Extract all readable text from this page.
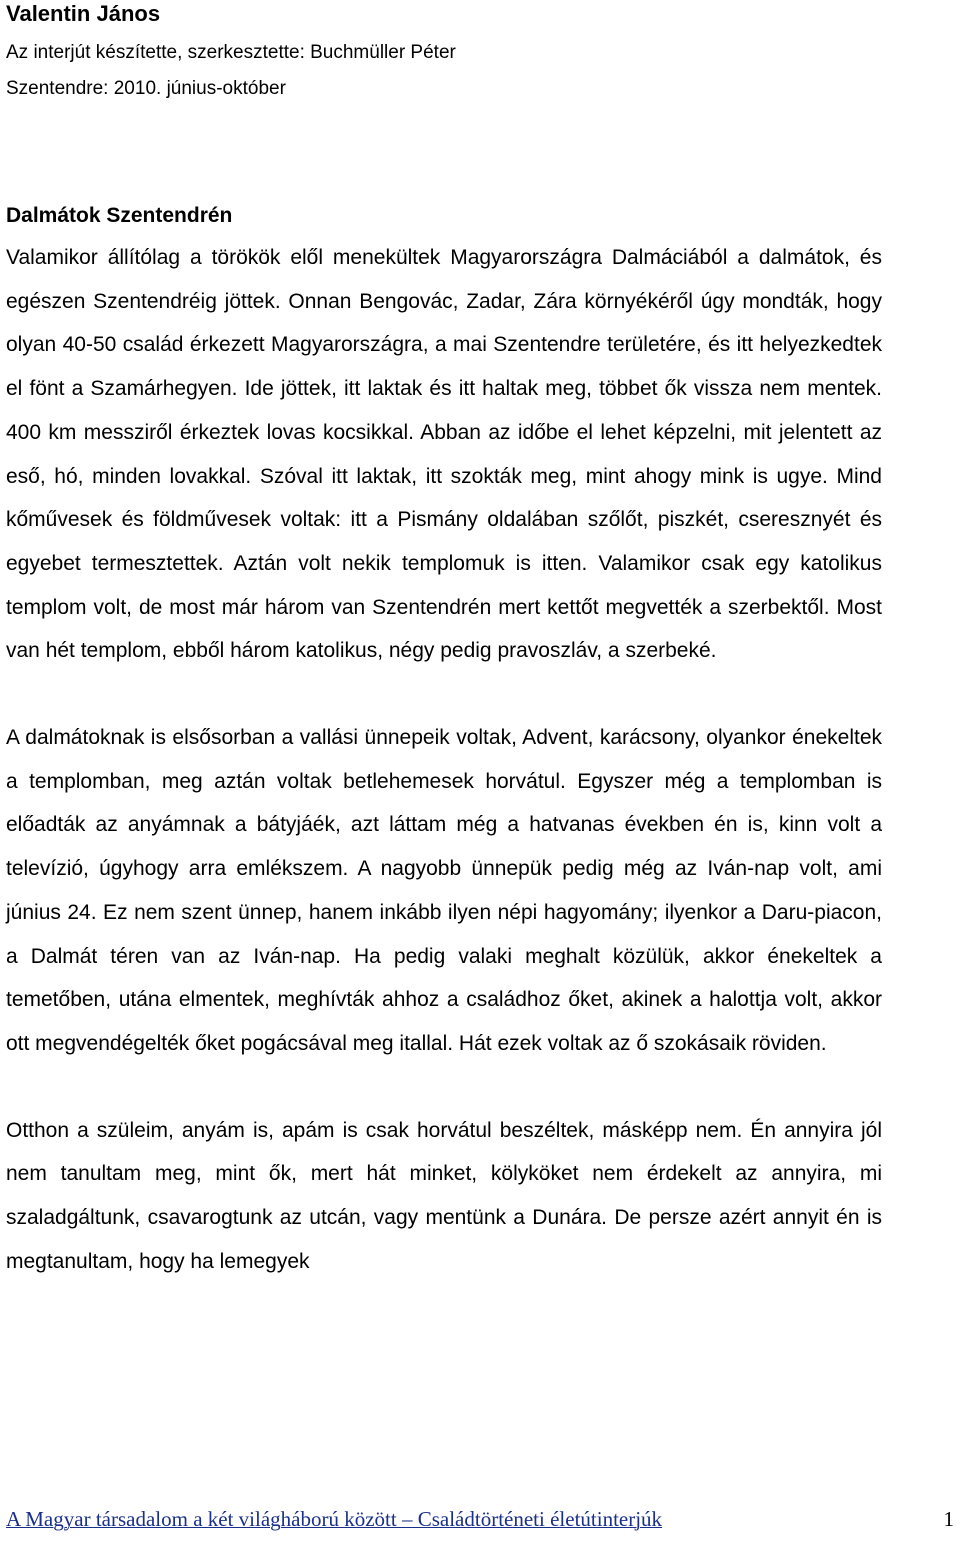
Valentin János

Az interjút készítette, szerkesztette: Buchmüller Péter

Szentendre: 2010. június-október

Dalmátok Szentendrén

Valamikor állítólag a törökök elől menekültek Magyarországra Dalmáciából a dalmátok, és egészen Szentendréig jöttek. Onnan Bengovác, Zadar, Zára környékéről úgy mondták, hogy olyan 40-50 család érkezett Magyarországra, a mai Szentendre területére, és itt helyezkedtek el fönt a Szamárhegyen. Ide jöttek, itt laktak és itt haltak meg, többet ők vissza nem mentek. 400 km messziről érkeztek lovas kocsikkal. Abban az időbe el lehet képzelni, mit jelentett az eső, hó, minden lovakkal. Szóval itt laktak, itt szokták meg, mint ahogy mink is ugye. Mind kőművesek és földművesek voltak: itt a Pismány oldalában szőlőt, piszkét, cseresznyét és egyebet termesztettek. Aztán volt nekik templomuk is itten. Valamikor csak egy katolikus templom volt, de most már három van Szentendrén mert kettőt megvették a szerbektől. Most van hét templom, ebből három katolikus, négy pedig pravoszláv, a szerbeké.

A dalmátoknak is elsősorban a vallási ünnepeik voltak, Advent, karácsony, olyankor énekeltek a templomban, meg aztán voltak betlehemesek horvátul. Egyszer még a templomban is előadták az anyámnak a bátyjáék, azt láttam még a hatvanas években én is, kinn volt a televízió, úgyhogy arra emlékszem. A nagyobb ünnepük pedig még az Iván-nap volt, ami június 24. Ez nem szent ünnep, hanem inkább ilyen népi hagyomány; ilyenkor a Daru-piacon, a Dalmát téren van az Iván-nap. Ha pedig valaki meghalt közülük, akkor énekeltek a temetőben, utána elmentek, meghívták ahhoz a családhoz őket, akinek a halottja volt, akkor ott megvendégelték őket pogácsával meg itallal. Hát ezek voltak az ő szokásaik röviden.

Otthon a szüleim, anyám is, apám is csak horvátul beszéltek, másképp nem. Én annyira jól nem tanultam meg, mint ők, mert hát minket, kölyköket nem érdekelt az annyira, mi szaladgáltunk, csavarogtunk az utcán, vagy mentünk a Dunára. De persze azért annyit én is megtanultam, hogy ha lemegyek

A Magyar társadalom a két világháború között – Családtörténeti életútinterjúk	1
